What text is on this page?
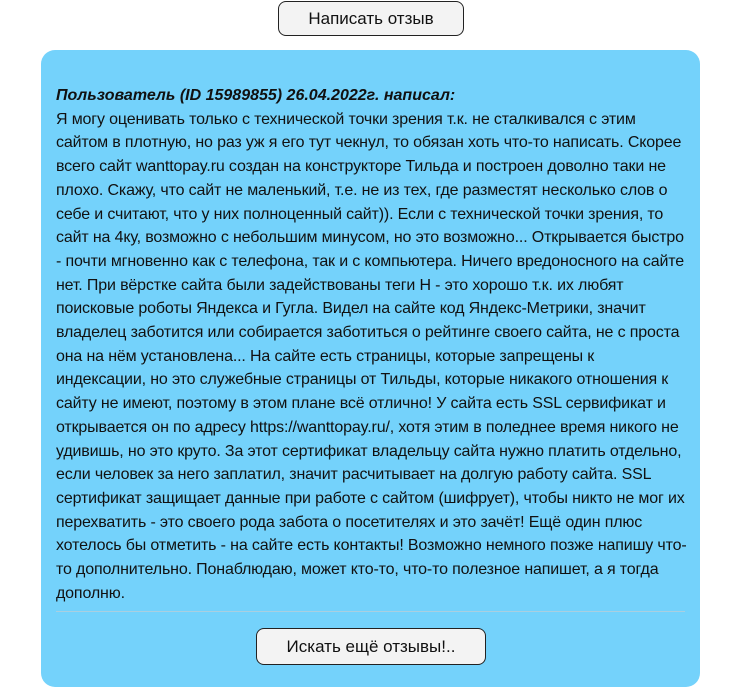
Написать отзыв
Пользователь (ID 15989855) 26.04.2022г. написал:
Я могу оценивать только с технической точки зрения т.к. не сталкивался с этим сайтом в плотную, но раз уж я его тут чекнул, то обязан хоть что-то написать. Скорее всего сайт wanttopay.ru создан на конструкторе Тильда и построен доволно таки не плохо. Скажу, что сайт не маленький, т.е. не из тех, где разместят несколько слов о себе и считают, что у них полноценный сайт)). Если с технической точки зрения, то сайт на 4ку, возможно с небольшим минусом, но это возможно... Открывается быстро - почти мгновенно как с телефона, так и с компьютера. Ничего вредоносного на сайте нет. При вёрстке сайта были задействованы теги H - это хорошо т.к. их любят поисковые роботы Яндекса и Гугла. Видел на сайте код Яндекс-Метрики, значит владелец заботится или собирается заботиться о рейтинге своего сайта, не с проста она на нём установлена... На сайте есть страницы, которые запрещены к индексации, но это служебные страницы от Тильды, которые никакого отношения к сайту не имеют, поэтому в этом плане всё отлично! У сайта есть SSL сервификат и открывается он по адресу https://wanttopay.ru/, хотя этим в поледнее время никого не удивишь, но это круто. За этот сертификат владельцу сайта нужно платить отдельно, если человек за него заплатил, значит расчитывает на долгую работу сайта. SSL сертификат защищает данные при работе с сайтом (шифрует), чтобы никто не мог их перехватить - это своего рода забота о посетителях и это зачёт! Ещё один плюс хотелось бы отметить - на сайте есть контакты! Возможно немного позже напишу что-то дополнительно. Понаблюдаю, может кто-то, что-то полезное напишет, а я тогда дополню.
Искать ещё отзывы!..
